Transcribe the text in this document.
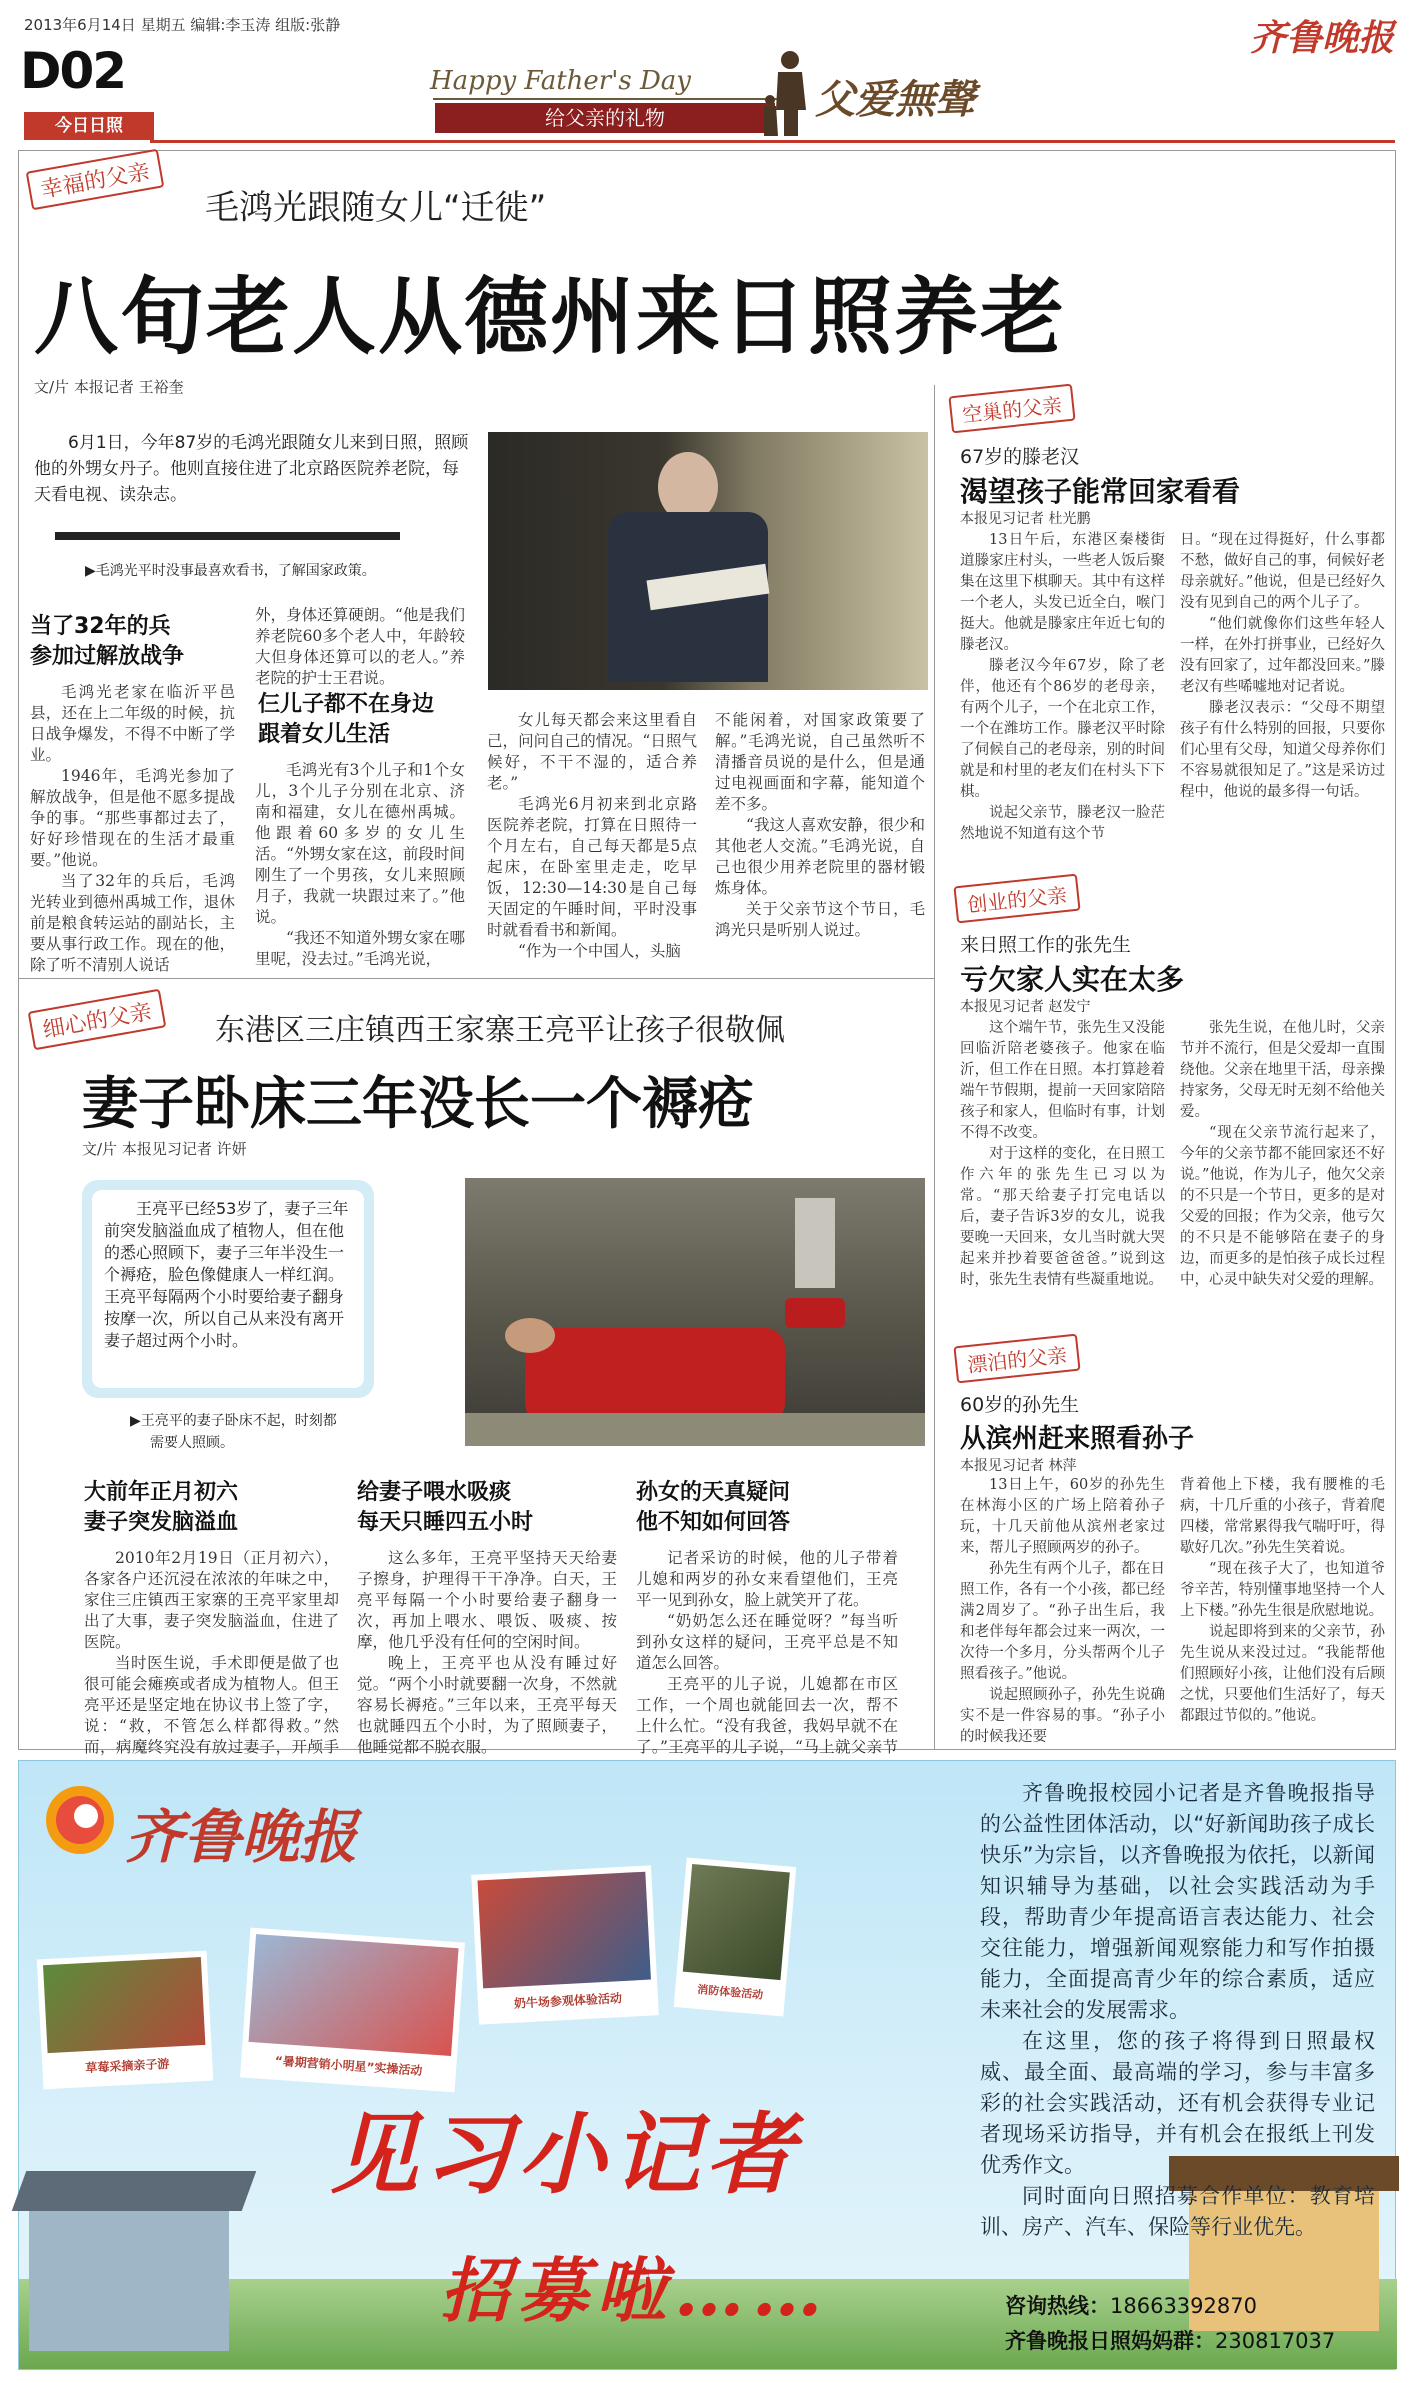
2013年6月14日 星期五 编辑:李玉涛 组版:张静
D02
今日日照
Happy Father's Day
给父亲的礼物	父爱無聲
齐鲁晚报
幸福的父亲
毛鸿光跟随女儿“迁徙”
八旬老人从德州来日照养老
文/片 本报记者 王裕奎
6月1日，今年87岁的毛鸿光跟随女儿来到日照，照顾他的外甥女丹子。他则直接住进了北京路医院养老院，每天看电视、读杂志。
▶毛鸿光平时没事最喜欢看书，了解国家政策。
当了32年的兵
参加过解放战争

毛鸿光老家在临沂平邑县，还在上二年级的时候，抗日战争爆发，不得不中断了学业。

1946年，毛鸿光参加了解放战争，但是他不愿多提战争的事。“那些事都过去了，好好珍惜现在的生活才最重要。”他说。

当了32年的兵后，毛鸿光转业到德州禹城工作，退休前是粮食转运站的副站长，主要从事行政工作。现在的他，除了听不清别人说话

外，身体还算硬朗。“他是我们养老院60多个老人中，年龄较大但身体还算可以的老人。”养老院的护士王君说。

仨儿子都不在身边
跟着女儿生活

毛鸿光有3个儿子和1个女儿，3个儿子分别在北京、济南和福建，女儿在德州禹城。他跟着60多岁的女儿生活。“外甥女家在这，前段时间刚生了一个男孩，女儿来照顾月子，我就一块跟过来了。”他说。

“我还不知道外甥女家在哪里呢，没去过。”毛鸿光说，

女儿每天都会来这里看自己，问问自己的情况。“日照气候好，不干不湿的，适合养老。”

毛鸿光6月初来到北京路医院养老院，打算在日照待一个月左右，自己每天都是5点起床，在卧室里走走，吃早饭，12:30—14:30是自己每天固定的午睡时间，平时没事时就看看书和新闻。

“作为一个中国人，头脑

不能闲着，对国家政策要了解。”毛鸿光说，自己虽然听不清播音员说的是什么，但是通过电视画面和字幕，能知道个差不多。

“我这人喜欢安静，很少和其他老人交流。”毛鸿光说，自己也很少用养老院里的器材锻炼身体。

关于父亲节这个节日，毛鸿光只是听别人说过。

细心的父亲	东港区三庄镇西王家寨王亮平让孩子很敬佩
妻子卧床三年没长一个褥疮
文/片 本报见习记者 许妍
王亮平已经53岁了，妻子三年前突发脑溢血成了植物人，但在他的悉心照顾下，妻子三年半没生一个褥疮，脸色像健康人一样红润。王亮平每隔两个小时要给妻子翻身按摩一次，所以自己从来没有离开妻子超过两个小时。
▶王亮平的妻子卧床不起，时刻都
需要人照顾。
大前年正月初六
妻子突发脑溢血
给妻子喂水吸痰
每天只睡四五小时
孙女的天真疑问
他不知如何回答

2010年2月19日（正月初六），各家各户还沉浸在浓浓的年味之中，家住三庄镇西王家寨的王亮平家里却出了大事，妻子突发脑溢血，住进了医院。

当时医生说，手术即便是做了也很可能会瘫痪或者成为植物人。但王亮平还是坚定地在协议书上签了字，说：“救，不管怎么样都得救。”然而，病魔终究没有放过妻子，开颅手

这么多年，王亮平坚持天天给妻子擦身，护理得干干净净。白天，王亮平每隔一个小时要给妻子翻身一次，再加上喂水、喂饭、吸痰、按摩，他几乎没有任何的空闲时间。

晚上，王亮平也从没有睡过好觉。“两个小时就要翻一次身，不然就容易长褥疮。”三年以来，王亮平每天也就睡四五个小时，为了照顾妻子，他睡觉都不脱衣服。

记者采访的时候，他的儿子带着儿媳和两岁的孙女来看望他们，王亮平一见到孙女，脸上就笑开了花。

“奶奶怎么还在睡觉呀？”每当听到孙女这样的疑问，王亮平总是不知道怎么回答。

王亮平的儿子说，儿媳都在市区工作，一个周也就能回去一次，帮不上什么忙。“没有我爸，我妈早就不在了。”王亮平的儿子说，“马上就父亲节

空巢的父亲
67岁的滕老汉
渴望孩子能常回家看看
本报见习记者 杜光鹏

13日午后，东港区秦楼街道滕家庄村头，一些老人饭后聚集在这里下棋聊天。其中有这样一个老人，头发已近全白，喉门挺大。他就是滕家庄年近七旬的滕老汉。

滕老汉今年67岁，除了老伴，他还有个86岁的老母亲，有两个儿子，一个在北京工作，一个在潍坊工作。滕老汉平时除了伺候自己的老母亲，别的时间就是和村里的老友们在村头下下棋。

说起父亲节，滕老汉一脸茫然地说不知道有这个节

日。“现在过得挺好，什么事都不愁，做好自己的事，伺候好老母亲就好。”他说，但是已经好久没有见到自己的两个儿子了。

“他们就像你们这些年轻人一样，在外打拼事业，已经好久没有回家了，过年都没回来。”滕老汉有些唏嘘地对记者说。

滕老汉表示：“父母不期望孩子有什么特别的回报，只要你们心里有父母，知道父母养你们不容易就很知足了。”这是采访过程中，他说的最多得一句话。

创业的父亲
来日照工作的张先生
亏欠家人实在太多
本报见习记者 赵发宁

这个端午节，张先生又没能回临沂陪老婆孩子。他家在临沂，但工作在日照。本打算趁着端午节假期，提前一天回家陪陪孩子和家人，但临时有事，计划不得不改变。

对于这样的变化，在日照工作六年的张先生已习以为常。“那天给妻子打完电话以后，妻子告诉3岁的女儿，说我要晚一天回来，女儿当时就大哭起来并抄着要爸爸爸。”说到这时，张先生表情有些凝重地说。

张先生说，在他儿时，父亲节并不流行，但是父爱却一直围绕他。父亲在地里干活，母亲操持家务，父母无时无刻不给他关爱。

“现在父亲节流行起来了，今年的父亲节都不能回家还不好说。”他说，作为儿子，他欠父亲的不只是一个节日，更多的是对父爱的回报；作为父亲，他亏欠的不只是不能够陪在妻子的身边，而更多的是怕孩子成长过程中，心灵中缺失对父爱的理解。

漂泊的父亲
60岁的孙先生
从滨州赶来照看孙子
本报见习记者 林萍

13日上午，60岁的孙先生在林海小区的广场上陪着孙子玩，十几天前他从滨州老家过来，帮儿子照顾两岁的孙子。

孙先生有两个儿子，都在日照工作，各有一个小孩，都已经满2周岁了。“孙子出生后，我和老伴每年都会过来一两次，一次待一个多月，分头帮两个儿子照看孩子。”他说。

说起照顾孙子，孙先生说确实不是一件容易的事。“孙子小的时候我还要

背着他上下楼，我有腰椎的毛病，十几斤重的小孩子，背着爬四楼，常常累得我气喘吁吁，得歇好几次。”孙先生笑着说。

“现在孩子大了，也知道爷爷辛苦，特别懂事地坚持一个人上下楼。”孙先生很是欣慰地说。

说起即将到来的父亲节，孙先生说从来没过过。“我能帮他们照顾好小孩，让他们没有后顾之忧，只要他们生活好了，每天都跟过节似的。”他说。

齐鲁晚报
草莓采摘亲子游	“暑期营销小明星”实操活动
奶牛场参观体验活动	消防体验活动
见习小记者
招募啦……
齐鲁晚报校园小记者是齐鲁晚报指导的公益性团体活动，以“好新闻助孩子成长快乐”为宗旨，以齐鲁晚报为依托，以新闻知识辅导为基础，以社会实践活动为手段，帮助青少年提高语言表达能力、社会交往能力，增强新闻观察能力和写作拍摄能力，全面提高青少年的综合素质，适应未来社会的发展需求。
在这里，您的孩子将得到日照最权威、最全面、最高端的学习，参与丰富多彩的社会实践活动，还有机会获得专业记者现场采访指导，并有机会在报纸上刊发优秀作文。
同时面向日照招募合作单位：教育培训、房产、汽车、保险等行业优先。
咨询热线：18663392870
齐鲁晚报日照妈妈群：230817037
